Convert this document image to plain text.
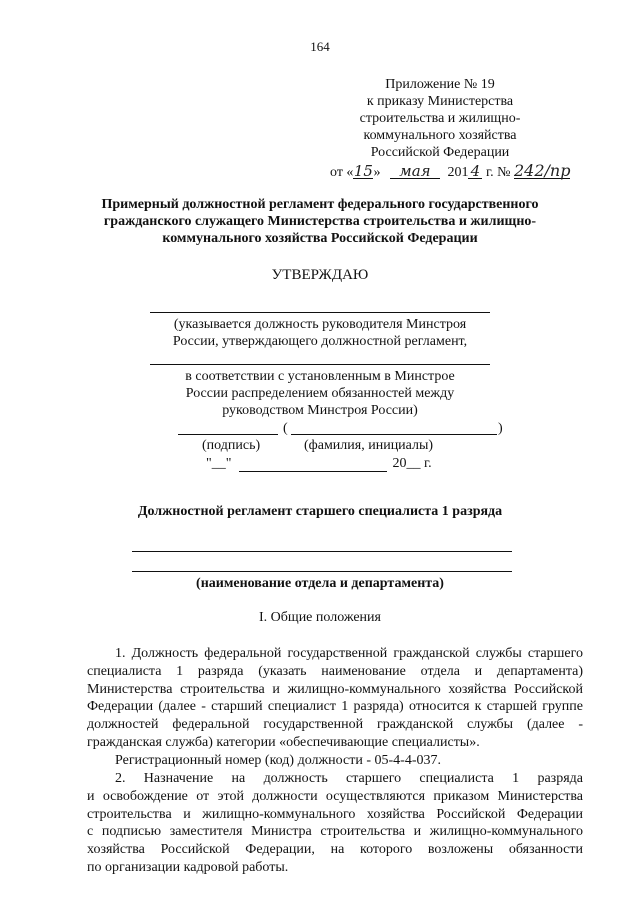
164
Приложение № 19
к приказу Министерства
строительства и жилищно-
коммунального хозяйства
Российской Федерации
от «15» мая 201 4 г. № 242/пр
Примерный должностной регламент федерального государственного
гражданского служащего Министерства строительства и жилищно-
коммунального хозяйства Российской Федерации
УТВЕРЖДАЮ
(указывается должность руководителя Минстроя
России, утверждающего должностной регламент,
в соответствии с установленным в Минстрое
России распределением обязанностей между
руководством Минстроя России)
(	)
(подпись)	(фамилия, инициалы)
"__"	20__ г.
Должностной регламент старшего специалиста 1 разряда
(наименование отдела и департамента)
I. Общие положения
1. Должность федеральной государственной гражданской службы старшего
специалиста 1 разряда (указать наименование отдела и департамента)
Министерства строительства и жилищно-коммунального хозяйства Российской
Федерации (далее - старший специалист 1 разряда) относится к старшей группе
должностей федеральной государственной гражданской службы (далее -
гражданская служба) категории «обеспечивающие специалисты».
Регистрационный номер (код) должности - 05-4-4-037.
2. Назначение на должность старшего специалиста 1 разряда
и освобождение от этой должности осуществляются приказом Министерства
строительства и жилищно-коммунального хозяйства Российской Федерации
с подписью заместителя Министра строительства и жилищно-коммунального
хозяйства Российской Федерации, на которого возложены обязанности
по организации кадровой работы.
